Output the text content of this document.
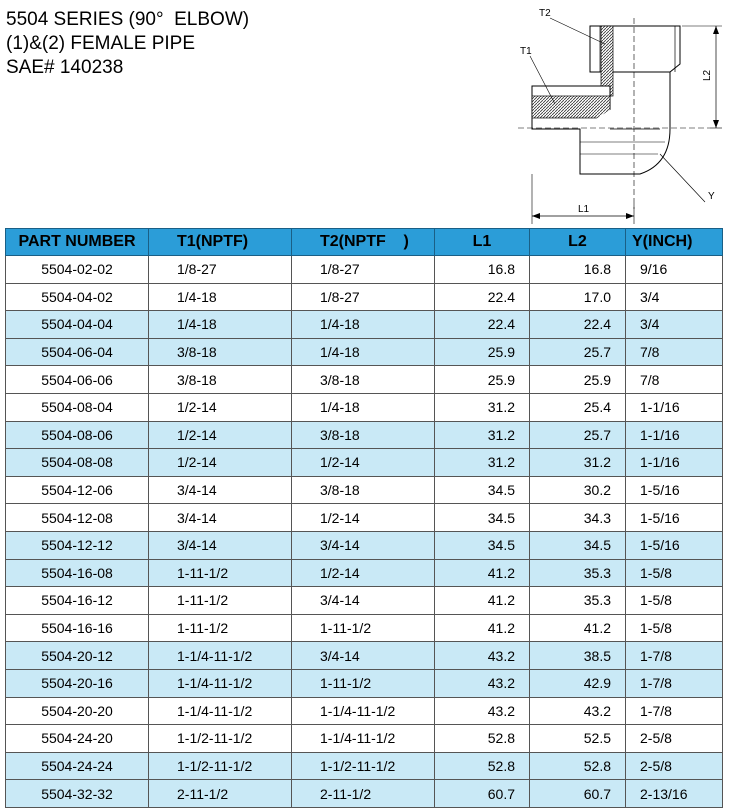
5504 SERIES (90°  ELBOW)
(1)&(2) FEMALE PIPE
SAE# 140238	L2
L1
T2
T1
Y
PART NUMBER	T1(NPTF)	T2(NPTF    )	L1	L2	Y(INCH)
5504-02-02	1/8-27	1/8-27	16.8	16.8	9/16
5504-04-02	1/4-18	1/8-27	22.4	17.0	3/4
5504-04-04	1/4-18	1/4-18	22.4	22.4	3/4
5504-06-04	3/8-18	1/4-18	25.9	25.7	7/8
5504-06-06	3/8-18	3/8-18	25.9	25.9	7/8
5504-08-04	1/2-14	1/4-18	31.2	25.4	1-1/16
5504-08-06	1/2-14	3/8-18	31.2	25.7	1-1/16
5504-08-08	1/2-14	1/2-14	31.2	31.2	1-1/16
5504-12-06	3/4-14	3/8-18	34.5	30.2	1-5/16
5504-12-08	3/4-14	1/2-14	34.5	34.3	1-5/16
5504-12-12	3/4-14	3/4-14	34.5	34.5	1-5/16
5504-16-08	1-11-1/2	1/2-14	41.2	35.3	1-5/8
5504-16-12	1-11-1/2	3/4-14	41.2	35.3	1-5/8
5504-16-16	1-11-1/2	1-11-1/2	41.2	41.2	1-5/8
5504-20-12	1-1/4-11-1/2	3/4-14	43.2	38.5	1-7/8
5504-20-16	1-1/4-11-1/2	1-11-1/2	43.2	42.9	1-7/8
5504-20-20	1-1/4-11-1/2	1-1/4-11-1/2	43.2	43.2	1-7/8
5504-24-20	1-1/2-11-1/2	1-1/4-11-1/2	52.8	52.5	2-5/8
5504-24-24	1-1/2-11-1/2	1-1/2-11-1/2	52.8	52.8	2-5/8
5504-32-32	2-11-1/2	2-11-1/2	60.7	60.7	2-13/16
